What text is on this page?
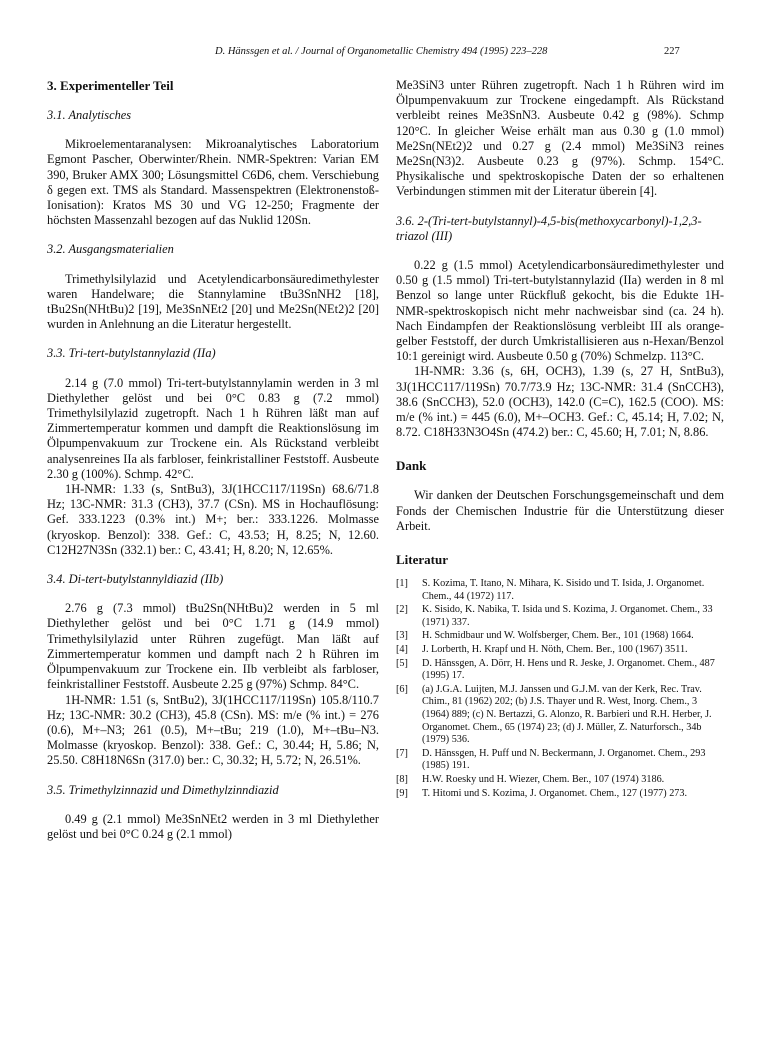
D. Hänssgen et al. / Journal of Organometallic Chemistry 494 (1995) 223–228	227
3. Experimenteller Teil
3.1. Analytisches

Mikroelementaranalysen: Mikroanalytisches Laboratorium Egmont Pascher, Oberwinter/Rhein. NMR-Spektren: Varian EM 390, Bruker AMX 300; Lösungsmittel C6D6, chem. Verschiebung δ gegen ext. TMS als Standard. Massenspektren (Elektronenstoß-Ionisation): Kratos MS 30 und VG 12-250; Fragmente der höchsten Massenzahl bezogen auf das Nuklid 120Sn.

3.2. Ausgangsmaterialien

Trimethylsilylazid und Acetylendicarbonsäuredimethylester waren Handelware; die Stannylamine tBu3SnNH2 [18], tBu2Sn(NHtBu)2 [19], Me3SnNEt2 [20] und Me2Sn(NEt2)2 [20] wurden in Anlehnung an die Literatur hergestellt.

3.3. Tri-tert-butylstannylazid (IIa)

2.14 g (7.0 mmol) Tri-tert-butylstannylamin werden in 3 ml Diethylether gelöst und bei 0°C 0.83 g (7.2 mmol) Trimethylsilylazid zugetropft. Nach 1 h Rühren läßt man auf Zimmertemperatur kommen und dampft die Reaktionslösung im Ölpumpenvakuum zur Trockene ein. Als Rückstand verbleibt analysenreines IIa als farbloser, feinkristalliner Feststoff. Ausbeute 2.30 g (100%). Schmp. 42°C.

1H-NMR: 1.33 (s, SntBu3), 3J(1HCC117/119Sn) 68.6/71.8 Hz; 13C-NMR: 31.3 (CH3), 37.7 (CSn). MS in Hochauflösung: Gef. 333.1223 (0.3% int.) M+; ber.: 333.1226. Molmasse (kryoskop. Benzol): 338. Gef.: C, 43.53; H, 8.25; N, 12.60. C12H27N3Sn (332.1) ber.: C, 43.41; H, 8.20; N, 12.65%.

3.4. Di-tert-butylstannyldiazid (IIb)

2.76 g (7.3 mmol) tBu2Sn(NHtBu)2 werden in 5 ml Diethylether gelöst und bei 0°C 1.71 g (14.9 mmol) Trimethylsilylazid unter Rühren zugefügt. Man läßt auf Zimmertemperatur kommen und dampft nach 2 h Rühren im Ölpumpenvakuum zur Trockene ein. IIb verbleibt als farbloser, feinkristalliner Feststoff. Ausbeute 2.25 g (97%) Schmp. 84°C.

1H-NMR: 1.51 (s, SntBu2), 3J(1HCC117/119Sn) 105.8/110.7 Hz; 13C-NMR: 30.2 (CH3), 45.8 (CSn). MS: m/e (% int.) = 276 (0.6), M+–N3; 261 (0.5), M+–tBu; 219 (1.0), M+–tBu–N3. Molmasse (kryoskop. Benzol): 338. Gef.: C, 30.44; H, 5.86; N, 25.50. C8H18N6Sn (317.0) ber.: C, 30.32; H, 5.72; N, 26.51%.

3.5. Trimethylzinnazid und Dimethylzinndiazid

0.49 g (2.1 mmol) Me3SnNEt2 werden in 3 ml Diethylether gelöst und bei 0°C 0.24 g (2.1 mmol)

Me3SiN3 unter Rühren zugetropft. Nach 1 h Rühren wird im Ölpumpenvakuum zur Trockene eingedampft. Als Rückstand verbleibt reines Me3SnN3. Ausbeute 0.42 g (98%). Schmp 120°C. In gleicher Weise erhält man aus 0.30 g (1.0 mmol) Me2Sn(NEt2)2 und 0.27 g (2.4 mmol) Me3SiN3 reines Me2Sn(N3)2. Ausbeute 0.23 g (97%). Schmp. 154°C. Physikalische und spektroskopische Daten der so erhaltenen Verbindungen stimmen mit der Literatur überein [4].

3.6. 2-(Tri-tert-butylstannyl)-4,5-bis(methoxycarbonyl)-1,2,3-triazol (III)

0.22 g (1.5 mmol) Acetylendicarbonsäuredimethylester und 0.50 g (1.5 mmol) Tri-tert-butylstannylazid (IIa) werden in 8 ml Benzol so lange unter Rückfluß gekocht, bis die Edukte 1H-NMR-spektroskopisch nicht mehr nachweisbar sind (ca. 24 h). Nach Eindampfen der Reaktionslösung verbleibt III als orange-gelber Feststoff, der durch Umkristallisieren aus n-Hexan/Benzol 10:1 gereinigt wird. Ausbeute 0.50 g (70%) Schmelzp. 113°C.

1H-NMR: 3.36 (s, 6H, OCH3), 1.39 (s, 27 H, SntBu3), 3J(1HCC117/119Sn) 70.7/73.9 Hz; 13C-NMR: 31.4 (SnCCH3), 38.6 (SnCCH3), 52.0 (OCH3), 142.0 (C=C), 162.5 (COO). MS: m/e (% int.) = 445 (6.0), M+–OCH3. Gef.: C, 45.14; H, 7.02; N, 8.72. C18H33N3O4Sn (474.2) ber.: C, 45.60; H, 7.01; N, 8.86.

Dank

Wir danken der Deutschen Forschungsgemeinschaft und dem Fonds der Chemischen Industrie für die Unterstützung dieser Arbeit.

Literatur
[1] S. Kozima, T. Itano, N. Mihara, K. Sisido und T. Isida, J. Organomet. Chem., 44 (1972) 117.
[2] K. Sisido, K. Nabika, T. Isida und S. Kozima, J. Organomet. Chem., 33 (1971) 337.
[3] H. Schmidbaur und W. Wolfsberger, Chem. Ber., 101 (1968) 1664.
[4] J. Lorberth, H. Krapf und H. Nöth, Chem. Ber., 100 (1967) 3511.
[5] D. Hänssgen, A. Dörr, H. Hens und R. Jeske, J. Organomet. Chem., 487 (1995) 17.
[6] (a) J.G.A. Luijten, M.J. Janssen und G.J.M. van der Kerk, Rec. Trav. Chim., 81 (1962) 202; (b) J.S. Thayer und R. West, Inorg. Chem., 3 (1964) 889; (c) N. Bertazzi, G. Alonzo, R. Barbieri und R.H. Herber, J. Organomet. Chem., 65 (1974) 23; (d) J. Müller, Z. Naturforsch., 34b (1979) 536.
[7] D. Hänssgen, H. Puff und N. Beckermann, J. Organomet. Chem., 293 (1985) 191.
[8] H.W. Roesky und H. Wiezer, Chem. Ber., 107 (1974) 3186.
[9] T. Hitomi und S. Kozima, J. Organomet. Chem., 127 (1977) 273.
